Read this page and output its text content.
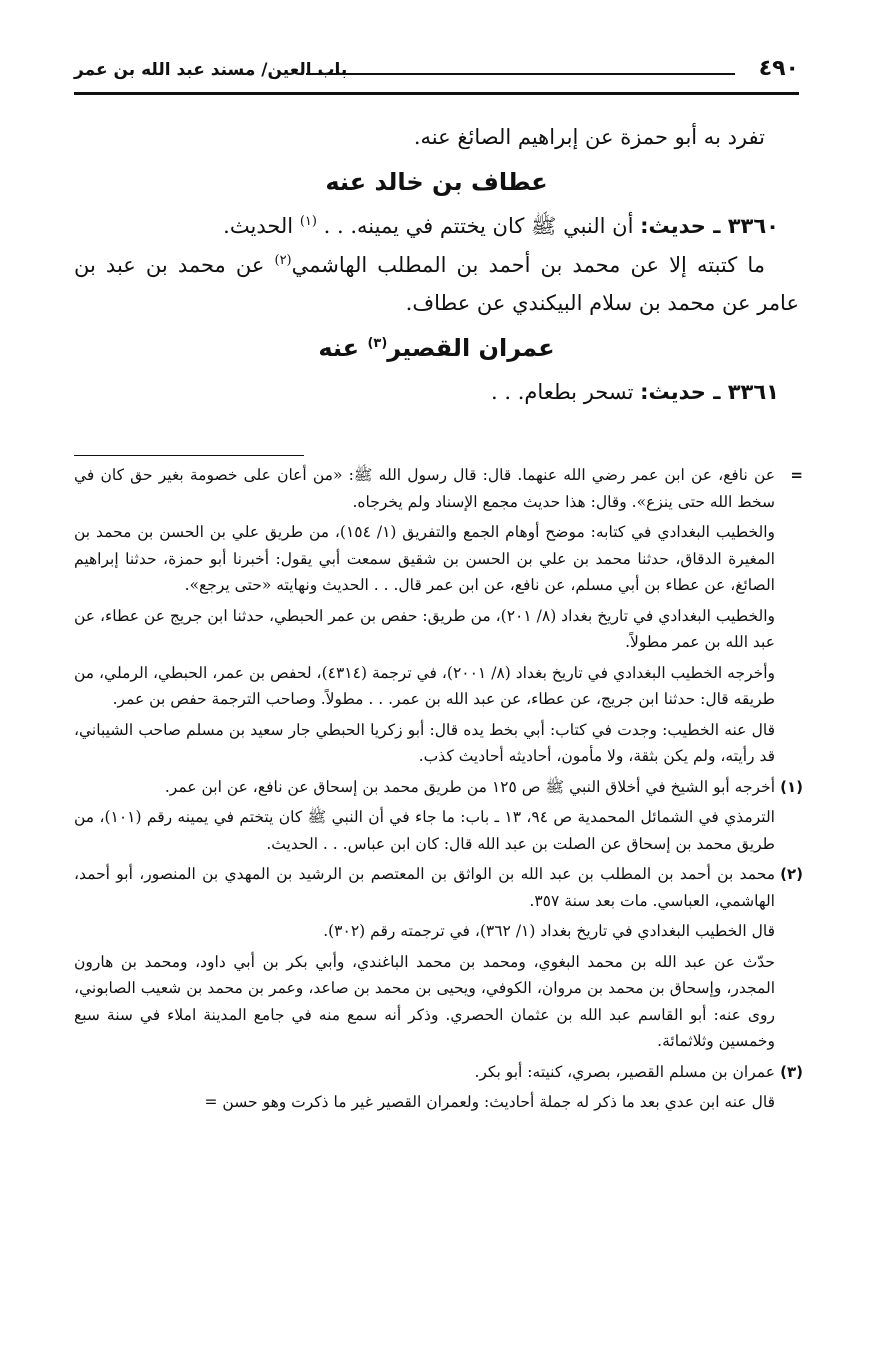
٤٩٠
باب العين/ مسند عبد الله بن عمر

تفرد به أبو حمزة عن إبراهيم الصائغ عنه.

عطاف بن خالد عنه

٣٣٦٠ ـ حديث: أن النبي ﷺ كان يختتم في يمينه. . . $^{(١)}$ الحديث.

ما كتبته إلا عن محمد بن أحمد بن المطلب الهاشمي$^{(٢)}$ عن محمد بن عبد بن عامر عن محمد بن سلام البيكندي عن عطاف.

عمران القصير$^{(٣)}$ عنه

٣٣٦١ ـ حديث: تسحر بطعام. . .

=

عن نافع، عن ابن عمر رضي الله عنهما. قال: قال رسول الله ﷺ: «من أعان على خصومة بغير حق كان في سخط الله حتى ينزع». وقال: هذا حديث مجمع الإسناد ولم يخرجاه.

والخطيب البغدادي في كتابه: موضح أوهام الجمع والتفريق (١/ ١٥٤)، من طريق علي بن الحسن بن محمد بن المغيرة الدقاق، حدثنا محمد بن علي بن الحسن بن شقيق سمعت أبي يقول: أخبرنا أبو حمزة، حدثنا إبراهيم الصائغ، عن عطاء بن أبي مسلم، عن نافع، عن ابن عمر قال. . . الحديث ونهايته «حتى يرجع».

والخطيب البغدادي في تاريخ بغداد (٨/ ٢٠١)، من طريق: حفص بن عمر الحبطي، حدثنا ابن جريج عن عطاء، عن عبد الله بن عمر مطولاً.

وأخرجه الخطيب البغدادي في تاريخ بغداد (٨/ ٢٠٠١)، في ترجمة (٤٣١٤)، لحفص بن عمر، الحبطي، الرملي، من طريقه قال: حدثنا ابن جريج، عن عطاء، عن عبد الله بن عمر. . . مطولاً. وصاحب الترجمة حفص بن عمر.

قال عنه الخطيب: وجدت في كتاب: أبي بخط يده قال: أبو زكريا الحبطي جار سعيد بن مسلم صاحب الشيباني، قد رأيته، ولم يكن بثقة، ولا مأمون، أحاديثه أحاديث كذب.

(١)

أخرجه أبو الشيخ في أخلاق النبي ﷺ ص ١٢٥ من طريق محمد بن إسحاق عن نافع، عن ابن عمر.

الترمذي في الشمائل المحمدية ص ٩٤، ١٣ ـ باب: ما جاء في أن النبي ﷺ كان يتختم في يمينه رقم (١٠١)، من طريق محمد بن إسحاق عن الصلت بن عبد الله قال: كان ابن عباس. . . الحديث.

(٢)

محمد بن أحمد بن المطلب بن عبد الله بن الواثق بن المعتصم بن الرشيد بن المهدي بن المنصور، أبو أحمد، الهاشمي، العباسي. مات بعد سنة ٣٥٧.

قال الخطيب البغدادي في تاريخ بغداد (١/ ٣٦٢)، في ترجمته رقم (٣٠٢).

حدّث عن عبد الله بن محمد البغوي، ومحمد بن محمد الباغندي، وأبي بكر بن أبي داود، ومحمد بن هارون المجدر، وإسحاق بن محمد بن مروان، الكوفي، ويحيى بن محمد بن صاعد، وعمر بن محمد بن شعيب الصابوني، روى عنه: أبو القاسم عبد الله بن عثمان الحصري. وذكر أنه سمع منه في جامع المدينة املاء في سنة سبع وخمسين وثلاثمائة.

(٣)

عمران بن مسلم القصير، بصري، كنيته: أبو بكر.

قال عنه ابن عدي بعد ما ذكر له جملة أحاديث: ولعمران القصير غير ما ذكرت وهو حسن =
